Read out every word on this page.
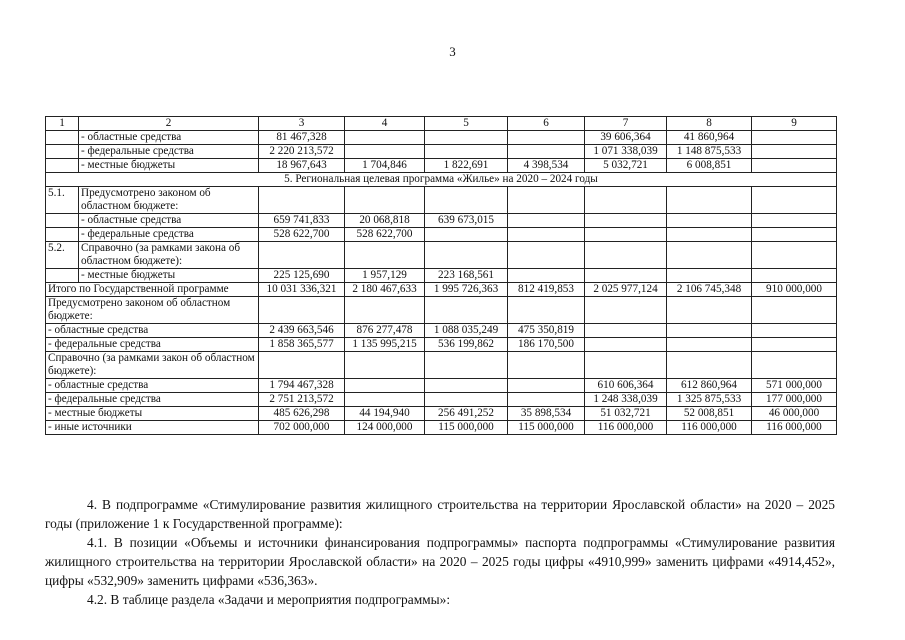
3
1	2	3	4	5	6	7	8	9
	- областные средства	81 467,328				39 606,364	41 860,964	
	- федеральные средства	2 220 213,572				1 071 338,039	1 148 875,533	
	- местные бюджеты	18 967,643	1 704,846	1 822,691	4 398,534	5 032,721	6 008,851	
5. Региональная целевая программа «Жилье» на 2020 – 2024 годы								
5.1.	Предусмотрено законом об областном бюджете:							
	- областные средства	659 741,833	20 068,818	639 673,015				
	- федеральные средства	528 622,700	528 622,700					
5.2.	Справочно (за рамками закона об областном бюджете):							
	- местные бюджеты	225 125,690	1 957,129	223 168,561				
Итого по Государственной программе		10 031 336,321	2 180 467,633	1 995 726,363	812 419,853	2 025 977,124	2 106 745,348	910 000,000
Предусмотрено законом об областном бюджете:								
- областные средства		2 439 663,546	876 277,478	1 088 035,249	475 350,819			
- федеральные средства		1 858 365,577	1 135 995,215	536 199,862	186 170,500			
Справочно (за рамками закон об областном бюджете):								
- областные средства		1 794 467,328				610 606,364	612 860,964	571 000,000
- федеральные средства		2 751 213,572				1 248 338,039	1 325 875,533	177 000,000
- местные бюджеты		485 626,298	44 194,940	256 491,252	35 898,534	51 032,721	52 008,851	46 000,000
- иные источники		702 000,000	124 000,000	115 000,000	115 000,000	116 000,000	116 000,000	116 000,000

4. В подпрограмме «Стимулирование развития жилищного строительства на территории Ярославской области» на 2020 – 2025 годы (приложение 1 к Государственной программе):

4.1. В позиции «Объемы и источники финансирования подпрограммы» паспорта подпрограммы «Стимулирование развития жилищного строительства на территории Ярославской области» на 2020 – 2025 годы цифры «4910,999» заменить цифрами «4914,452», цифры «532,909» заменить цифрами «536,363».

4.2. В таблице раздела «Задачи и мероприятия подпрограммы»:
